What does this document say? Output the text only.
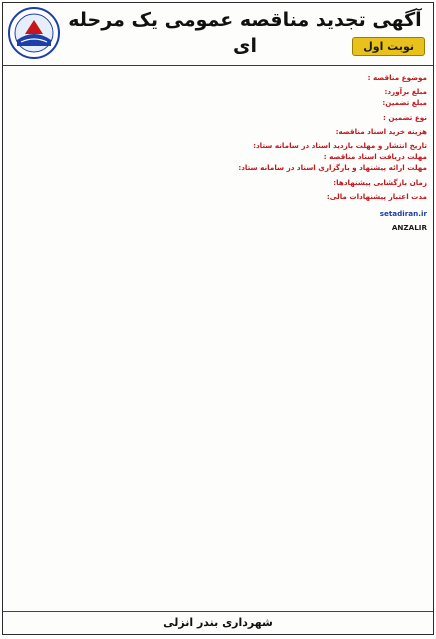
آگهی تجدید مناقصه عمومی یک مرحله ای	نوبت اول
موضوع مناقصه :
مبلغ برآورد:
مبلغ تضمین:
نوع تضمین :
هزینه خرید اسناد مناقصه:
تاریخ انتشار و مهلت بازدید اسناد در سامانه ستاد:
مهلت دریافت اسناد مناقصه :
مهلت ارائه پیشنهاد و بارگزاری اسناد در سامانه ستاد:
زمان بازگشایی پیشنهادها:
مدت اعتبار پیشنهادات مالی:
setadiran.ir
ANZALIR
شهرداری بندر انزلی
